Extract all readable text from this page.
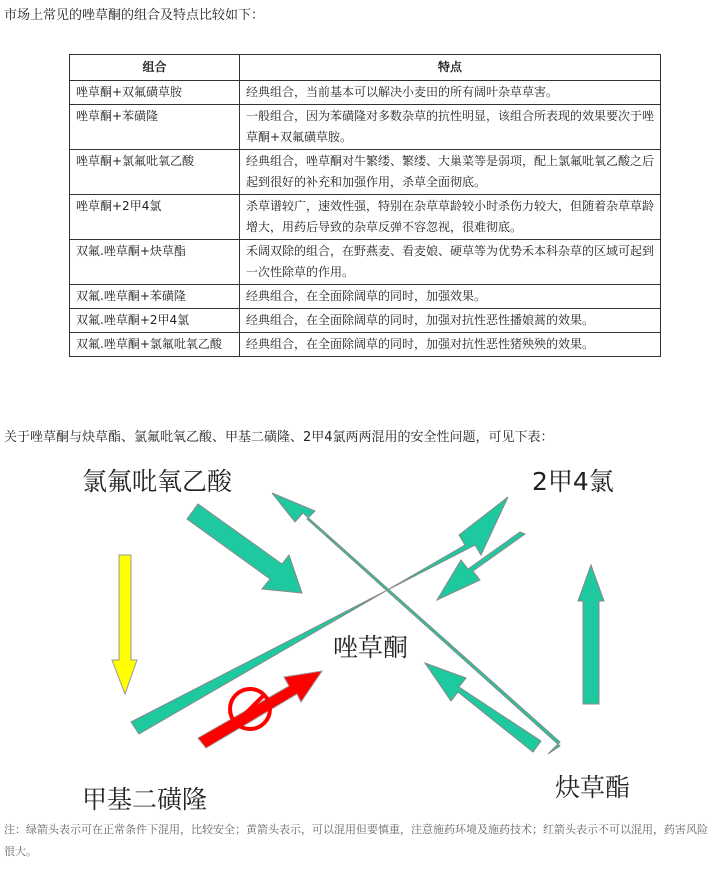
市场上常见的唑草酮的组合及特点比较如下：
组合	特点
唑草酮+双氟磺草胺	经典组合，当前基本可以解决小麦田的所有阔叶杂草草害。
唑草酮+苯磺隆	一般组合，因为苯磺隆对多数杂草的抗性明显，该组合所表现的效果要次于唑草酮+双氟磺草胺。
唑草酮+氯氟吡氧乙酸	经典组合，唑草酮对牛繁缕、繁缕、大巢菜等是弱项，配上氯氟吡氧乙酸之后起到很好的补充和加强作用，杀草全面彻底。
唑草酮+2甲4氯	杀草谱较广，速效性强，特别在杂草草龄较小时杀伤力较大，但随着杂草草龄增大，用药后导致的杂草反弹不容忽视，很难彻底。
双氟.唑草酮+炔草酯	禾阔双除的组合，在野燕麦、看麦娘、硬草等为优势禾本科杂草的区域可起到一次性除草的作用。
双氟.唑草酮+苯磺隆	经典组合，在全面除阔草的同时，加强效果。
双氟.唑草酮+2甲4氯	经典组合，在全面除阔草的同时，加强对抗性恶性播娘蒿的效果。
双氟.唑草酮+氯氟吡氧乙酸	经典组合，在全面除阔草的同时，加强对抗性恶性猪殃殃的效果。
关于唑草酮与炔草酯、氯氟吡氧乙酸、甲基二磺隆、2甲4氯两两混用的安全性问题，可见下表：
氯氟吡氧乙酸	2甲4氯
唑草酮
甲基二磺隆	炔草酯
注：绿箭头表示可在正常条件下混用，比较安全；黄箭头表示，可以混用但要慎重，注意施药环境及施药技术；红箭头表示不可以混用，药害风险很大。
